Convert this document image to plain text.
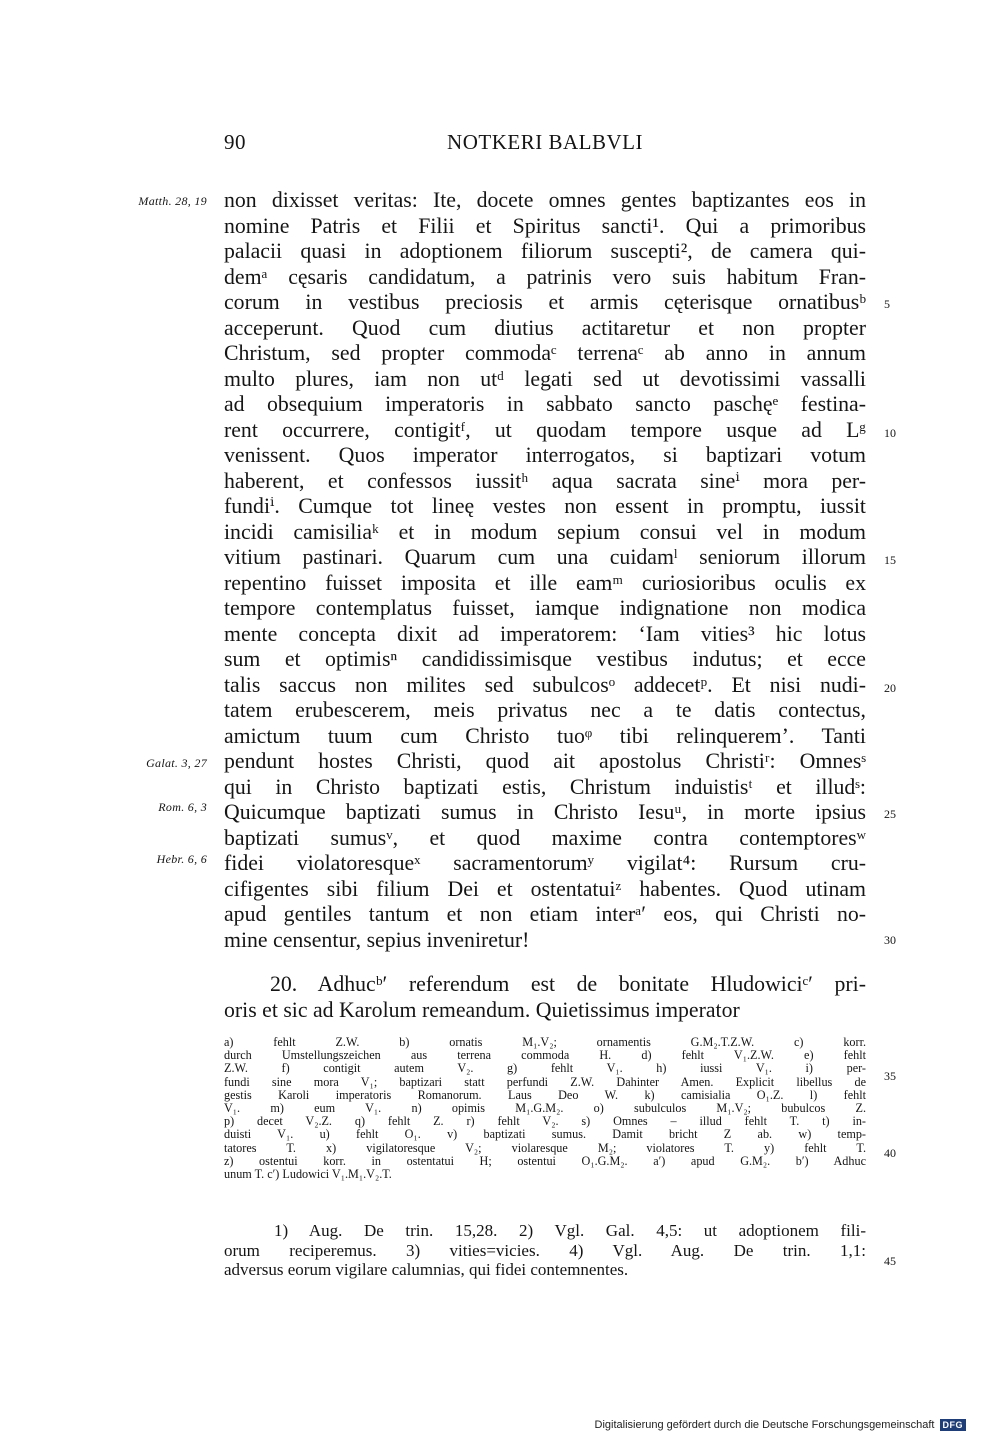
90	NOTKERI BALBVLI
Matth. 28, 19
Galat. 3, 27
Rom. 6, 3
Hebr. 6, 6
5
10
15
20
25
30
35
40
45
non dixisset veritas: Ite, docete omnes gentes baptizantes eos in
nomine Patris et Filii et Spiritus sancti¹. Qui a primoribus
palacii quasi in adoptionem filiorum suscepti², de camera qui-
demᵃ cęsaris candidatum, a patrinis vero suis habitum Fran-
corum in vestibus preciosis et armis cęterisque ornatibusᵇ
acceperunt. Quod cum diutius actitaretur et non propter
Christum, sed propter commodaᶜ terrenaᶜ ab anno in annum
multo plures, iam non utᵈ legati sed ut devotissimi vassalli
ad obsequium imperatoris in sabbato sancto paschęᵉ festina-
rent occurrere, contigitᶠ, ut quodam tempore usque ad Lᵍ
venissent. Quos imperator interrogatos, si baptizari votum
haberent, et confessos iussitʰ aqua sacrata sineⁱ mora per-
fundiⁱ. Cumque tot lineę vestes non essent in promptu, iussit
incidi camisiliaᵏ et in modum sepium consui vel in modum
vitium pastinari. Quarum cum una cuidamˡ seniorum illorum
repentino fuisset imposita et ille eamᵐ curiosioribus oculis ex
tempore contemplatus fuisset, iamque indignatione non modica
mente concepta dixit ad imperatorem: ‘Iam vities³ hic lotus
sum et optimisⁿ candidissimisque vestibus indutus; et ecce
talis saccus non milites sed subulcosᵒ addecetᵖ. Et nisi nudi-
tatem erubescerem, meis privatus nec a te datis contectus,
amictum tuum cum Christo tuoᵠ tibi relinquerem’. Tanti
pendunt hostes Christi, quod ait apostolus Christiʳ: Omnesˢ
qui in Christo baptizati estis, Christum induistisᵗ et illudˢ:
Quicumque baptizati sumus in Christo Iesuᵘ, in morte ipsius
baptizati sumusᵛ, et quod maxime contra contemptoresʷ
fidei violatoresqueˣ sacramentorumʸ vigilat⁴: Rursum cru-
cifigentes sibi filium Dei et ostentatuiᶻ habentes. Quod utinam
apud gentiles tantum et non etiam interᵃ′ eos, qui Christi no-
mine censentur, sepius inveniretur!
20. Adhucᵇ′ referendum est de bonitate Hludowiciᶜ′ pri-
oris et sic ad Karolum remeandum. Quietissimus imperator
a) fehlt Z.W. b) ornatis M₁.V₂; ornamentis G.M₂.T.Z.W. c) korr.
durch Umstellungszeichen aus terrena commoda H. d) fehlt V₁.Z.W. e) fehlt
Z.W. f) contigit autem V₂. g) fehlt V₁. h) iussi V₁. i) per-
fundi sine mora V₁; baptizari statt perfundi Z.W. Dahinter Amen. Explicit libellus de
gestis Karoli imperatoris Romanorum. Laus Deo W. k) camisialia O₁.Z. l) fehlt
V₁. m) eum V₁. n) opimis M₁.G.M₂. o) subulculos M₁.V₂; bubulcos Z.
p) decet V₂.Z. q) fehlt Z. r) fehlt V₂. s) Omnes – illud fehlt T. t) in-
duisti V₁. u) fehlt O₁. v) baptizati sumus. Damit bricht Z ab. w) temp-
tatores T. x) vigilatoresque V₂; violaresque M₂; violatores T. y) fehlt T.
z) ostentui korr. in ostentatui H; ostentui O₁.G.M₂. a′) apud G.M₂. b′) Adhuc
unum T. c′) Ludowici V₁.M₁.V₂.T.
1) Aug. De trin. 15,28. 2) Vgl. Gal. 4,5: ut adoptionem fili-
orum reciperemus. 3) vities=vicies. 4) Vgl. Aug. De trin. 1,1:
adversus eorum vigilare calumnias, qui fidei contemnentes.
Digitalisierung gefördert durch die Deutsche Forschungsgemeinschaft DFG
